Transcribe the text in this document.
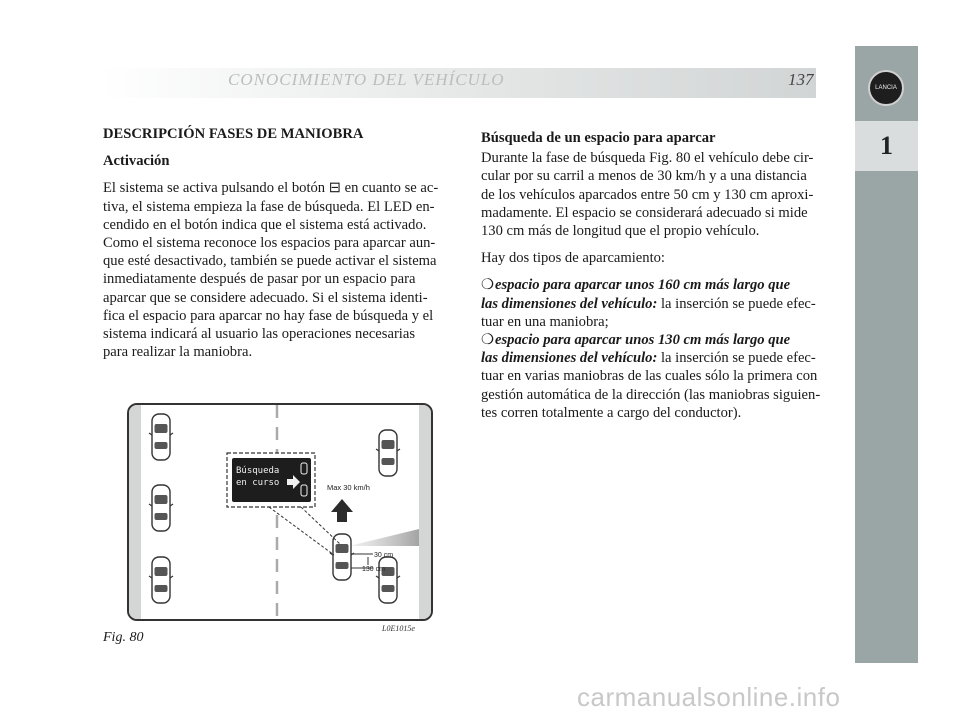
CONOCIMIENTO DEL VEHÍCULO	137	LANCIA
1

DESCRIPCIÓN FASES DE MANIOBRA

Activación

El sistema se activa pulsando el botón ⊟ en cuanto se ac-

tiva, el sistema empieza la fase de búsqueda. El LED en-

cendido en el botón indica que el sistema está activado.

Como el sistema reconoce los espacios para aparcar aun-

que esté desactivado, también se puede activar el sistema

inmediatamente después de pasar por un espacio para

aparcar que se considere adecuado. Si el sistema identi-

fica el espacio para aparcar no hay fase de búsqueda y el

sistema indicará al usuario las operaciones necesarias

para realizar la maniobra.

Búsqueda de un espacio para aparcar

Durante la fase de búsqueda Fig. 80 el vehículo debe cir-

cular por su carril a menos de 30 km/h y a una distancia

de los vehículos aparcados entre 50 cm y 130 cm aproxi-

madamente. El espacio se considerará adecuado si mide

130 cm más de longitud que el propio vehículo.

Hay dos tipos de aparcamiento:

❍espacio para aparcar unos 160 cm más largo que

las dimensiones del vehículo: la inserción se puede efec-

tuar en una maniobra;

❍espacio para aparcar unos 130 cm más largo que

las dimensiones del vehículo: la inserción se puede efec-

tuar en varias maniobras de las cuales sólo la primera con

gestión automática de la dirección (las maniobras siguien-

tes corren totalmente a cargo del conductor).

30 cm
130 cm
Max 30 km/h
Búsqueda
en curso
Fig. 80
L0E1015e
carmanualsonline.info
